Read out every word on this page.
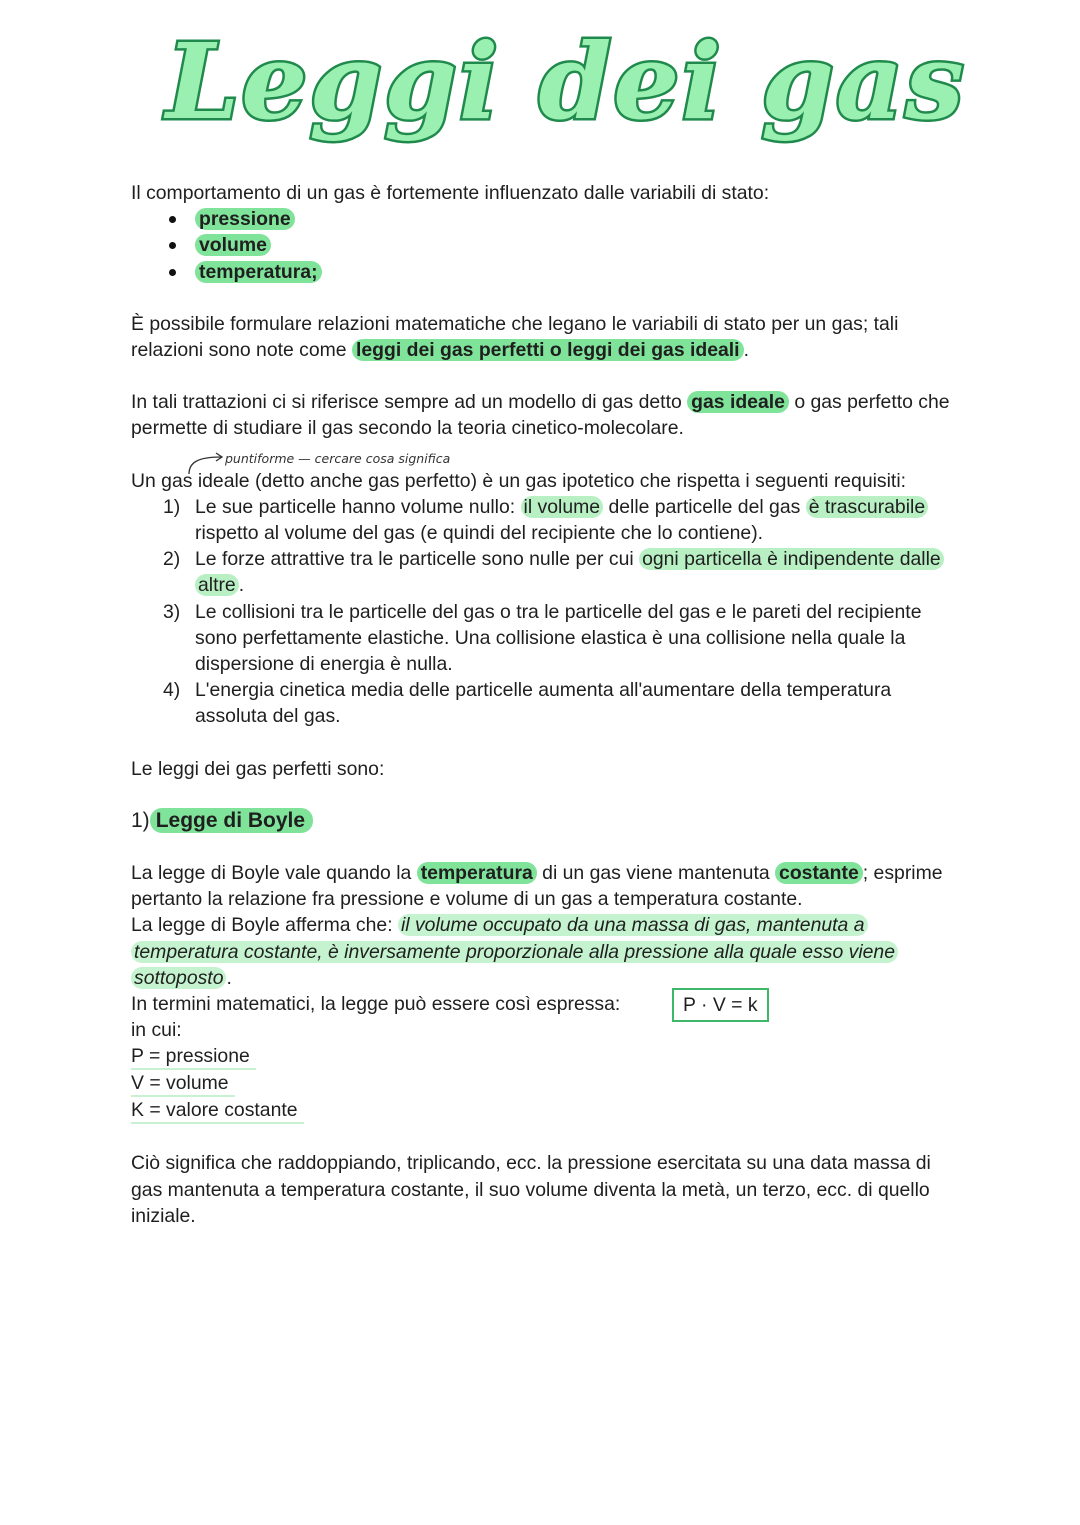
Leggi dei gas

Il comportamento di un gas è fortemente influenzato dalle variabili di stato:

pressione
volume
temperatura;

È possibile formulare relazioni matematiche che legano le variabili di stato per un gas; tali relazioni sono note come leggi dei gas perfetti o leggi dei gas ideali .

In tali trattazioni ci si riferisce sempre ad un modello di gas detto gas ideale o gas perfetto che permette di studiare il gas secondo la teoria cinetico-molecolare.

puntiforme — cercare cosa significa

Un gas ideale (detto anche gas perfetto) è un gas ipotetico che rispetta i seguenti requisiti:

1) Le sue particelle hanno volume nullo: il volume delle particelle del gas è trascurabile rispetto al volume del gas (e quindi del recipiente che lo contiene).
2) Le forze attrattive tra le particelle sono nulle per cui ogni particella è indipendente dalle altre .
3) Le collisioni tra le particelle del gas o tra le particelle del gas e le pareti del recipiente sono perfettamente elastiche. Una collisione elastica è una collisione nella quale la dispersione di energia è nulla.
4) L'energia cinetica media delle particelle aumenta all'aumentare della temperatura assoluta del gas.

Le leggi dei gas perfetti sono:

1) Legge di Boyle

La legge di Boyle vale quando la temperatura di un gas viene mantenuta costante ; esprime pertanto la relazione fra pressione e volume di un gas a temperatura costante.

La legge di Boyle afferma che: il volume occupato da una massa di gas, mantenuta a temperatura costante, è inversamente proporzionale alla pressione alla quale esso viene sottoposto .

In termini matematici, la legge può essere così espressa:	P · V = k

in cui:

P = pressione

V = volume

K = valore costante

Ciò significa che raddoppiando, triplicando, ecc. la pressione esercitata su una data massa di gas mantenuta a temperatura costante, il suo volume diventa la metà, un terzo, ecc. di quello iniziale.
